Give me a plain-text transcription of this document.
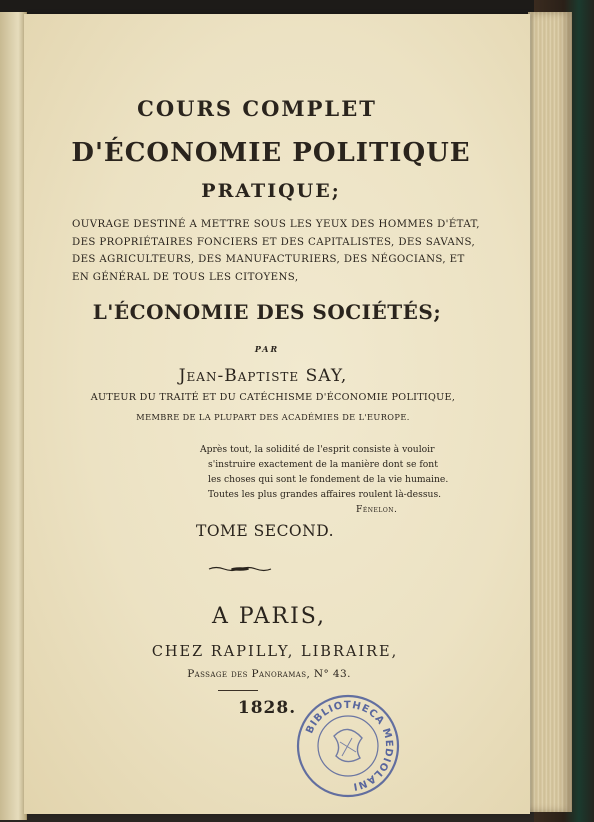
COURS COMPLET
D'ÉCONOMIE POLITIQUE
PRATIQUE;
OUVRAGE DESTINÉ A METTRE SOUS LES YEUX DES HOMMES D'ÉTAT,
DES PROPRIÉTAIRES FONCIERS ET DES CAPITALISTES, DES SAVANS,
DES AGRICULTEURS, DES MANUFACTURIERS, DES NÉGOCIANS, ET
EN GÉNÉRAL DE TOUS LES CITOYENS,
L'ÉCONOMIE DES SOCIÉTÉS;
PAR
Jean-Baptiste SAY,
AUTEUR DU TRAITÉ ET DU CATÉCHISME D'ÉCONOMIE POLITIQUE,
MEMBRE DE LA PLUPART DES ACADÉMIES DE L'EUROPE.
Après tout, la solidité de l'esprit consiste à vouloir
s'instruire exactement de la manière dont se font
les choses qui sont le fondement de la vie humaine.
Toutes les plus grandes affaires roulent là-dessus.
Fénelon.
TOME SECOND.
A PARIS,
CHEZ RAPILLY, LIBRAIRE,
Passage des Panoramas, N° 43.
1828.
BIBLIOTHECA MEDIOLANI
